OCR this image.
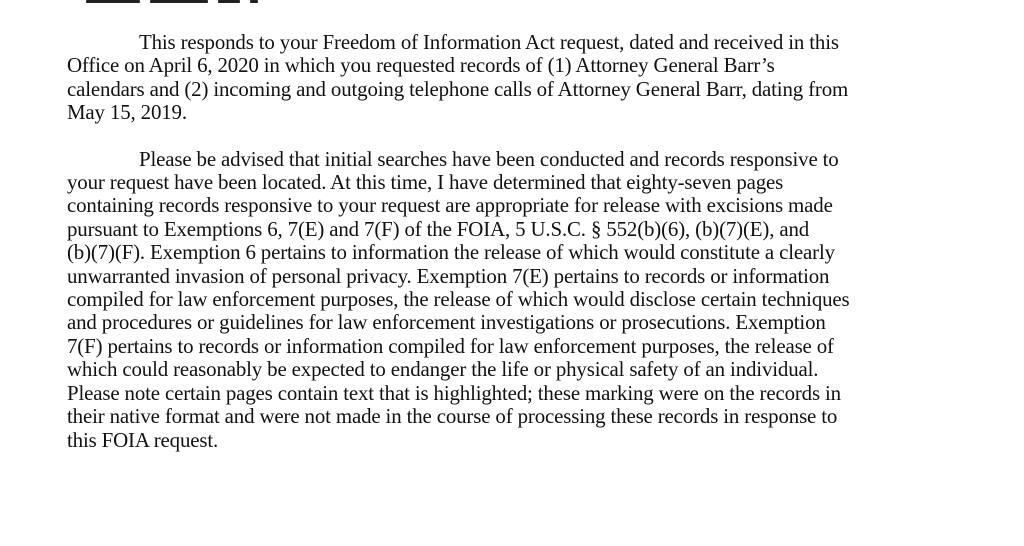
This responds to your Freedom of Information Act request, dated and received in this
Office on April 6, 2020 in which you requested records of (1) Attorney General Barr’s
calendars and (2) incoming and outgoing telephone calls of Attorney General Barr, dating from
May 15, 2019.

Please be advised that initial searches have been conducted and records responsive to
your request have been located. At this time, I have determined that eighty-seven pages
containing records responsive to your request are appropriate for release with excisions made
pursuant to Exemptions 6, 7(E) and 7(F) of the FOIA, 5 U.S.C. § 552(b)(6), (b)(7)(E), and
(b)(7)(F). Exemption 6 pertains to information the release of which would constitute a clearly
unwarranted invasion of personal privacy. Exemption 7(E) pertains to records or information
compiled for law enforcement purposes, the release of which would disclose certain techniques
and procedures or guidelines for law enforcement investigations or prosecutions. Exemption
7(F) pertains to records or information compiled for law enforcement purposes, the release of
which could reasonably be expected to endanger the life or physical safety of an individual.
Please note certain pages contain text that is highlighted; these marking were on the records in
their native format and were not made in the course of processing these records in response to
this FOIA request.
